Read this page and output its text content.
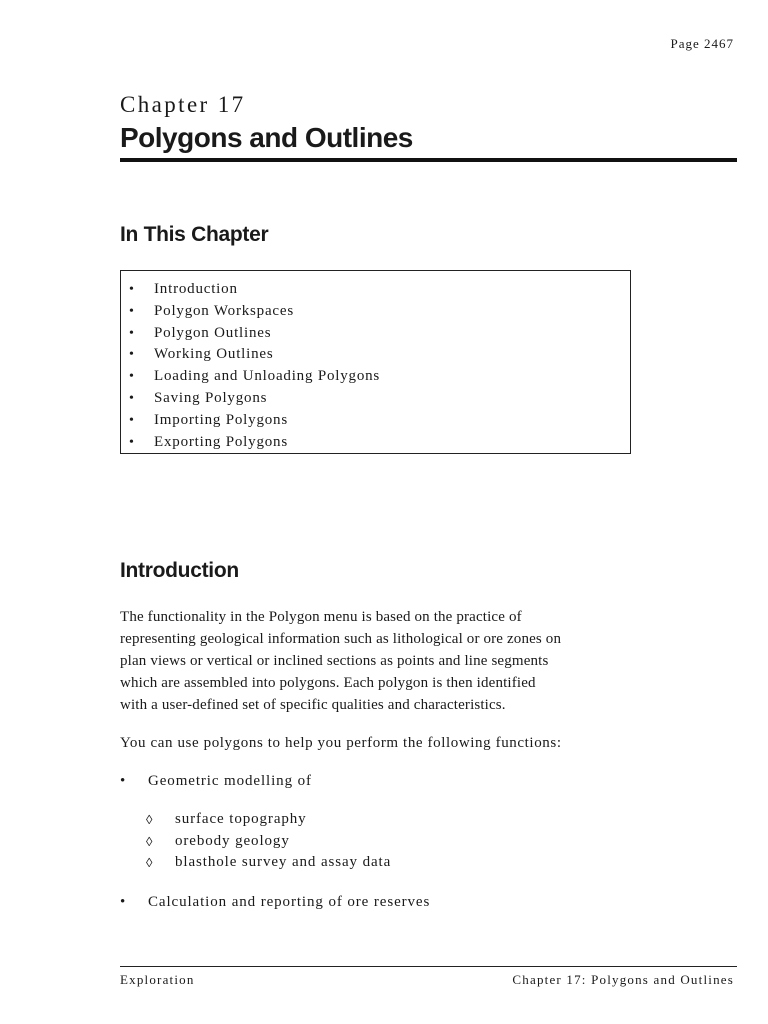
Page 2467
Chapter 17
Polygons and Outlines
In This Chapter
• Introduction
• Polygon Workspaces
• Polygon Outlines
• Working Outlines
• Loading and Unloading Polygons
• Saving Polygons
• Importing Polygons
• Exporting Polygons
Introduction
The functionality in the Polygon menu is based on the practice of
representing geological information such as lithological or ore zones on
plan views or vertical or inclined sections as points and line segments
which are assembled into polygons. Each polygon is then identified
with a user-defined set of specific qualities and characteristics.
You can use polygons to help you perform the following functions:
• Geometric modelling of
◊ surface topography
◊ orebody geology
◊ blasthole survey and assay data
• Calculation and reporting of ore reserves
Exploration	Chapter 17: Polygons and Outlines
